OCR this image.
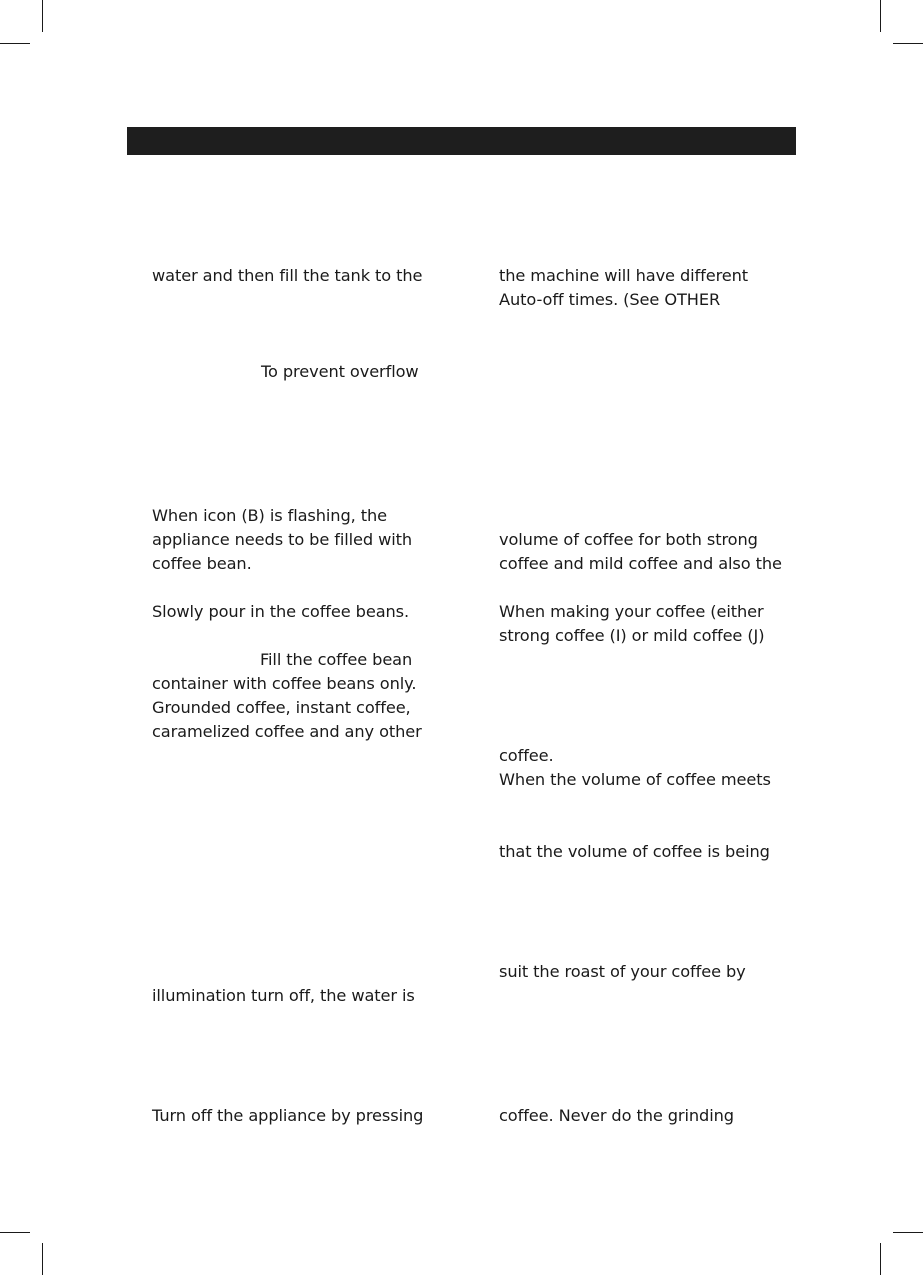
water and then fill the tank to the
To prevent overflow
When icon (B) is flashing, the
appliance needs to be filled with
coffee bean.
Slowly pour in the coffee beans.
Fill the coffee bean
container with coffee beans only.
Grounded coffee, instant coffee,
caramelized coffee and any other
illumination turn off, the water is
Turn off the appliance by pressing
the machine will have different
Auto-off times. (See OTHER
volume of coffee for both strong
coffee and mild coffee and also the
When making your coffee (either
strong coffee (I) or mild coffee (J)
coffee.
When the volume of coffee meets
that the volume of coffee is being
suit the roast of your coffee by
coffee. Never do the grinding
